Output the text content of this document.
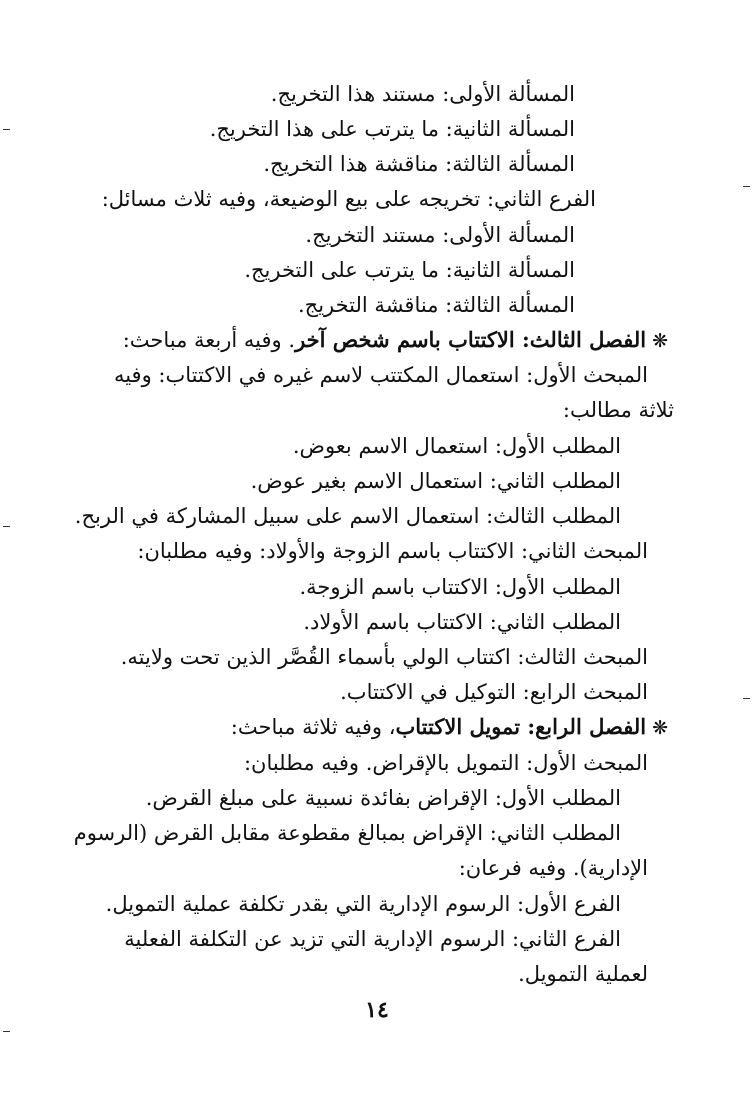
المسألة الأولى: مستند هذا التخريج.
المسألة الثانية: ما يترتب على هذا التخريج.
المسألة الثالثة: مناقشة هذا التخريج.
الفرع الثاني: تخريجه على بيع الوضيعة، وفيه ثلاث مسائل:
المسألة الأولى: مستند التخريج.
المسألة الثانية: ما يترتب على التخريج.
المسألة الثالثة: مناقشة التخريج.
❋الفصل الثالث: الاكتتاب باسم شخص آخر. وفيه أربعة مباحث:
المبحث الأول: استعمال المكتتب لاسم غيره في الاكتتاب: وفيه
ثلاثة مطالب:
المطلب الأول: استعمال الاسم بعوض.
المطلب الثاني: استعمال الاسم بغير عوض.
المطلب الثالث: استعمال الاسم على سبيل المشاركة في الربح.
المبحث الثاني: الاكتتاب باسم الزوجة والأولاد: وفيه مطلبان:
المطلب الأول: الاكتتاب باسم الزوجة.
المطلب الثاني: الاكتتاب باسم الأولاد.
المبحث الثالث: اكتتاب الولي بأسماء القُصَّر الذين تحت ولايته.
المبحث الرابع: التوكيل في الاكتتاب.
❋الفصل الرابع: تمويل الاكتتاب، وفيه ثلاثة مباحث:
المبحث الأول: التمويل بالإقراض. وفيه مطلبان:
المطلب الأول: الإقراض بفائدة نسبية على مبلغ القرض.
المطلب الثاني: الإقراض بمبالغ مقطوعة مقابل القرض (الرسوم
الإدارية). وفيه فرعان:
الفرع الأول: الرسوم الإدارية التي بقدر تكلفة عملية التمويل.
الفرع الثاني: الرسوم الإدارية التي تزيد عن التكلفة الفعلية
لعملية التمويل.
١٤
